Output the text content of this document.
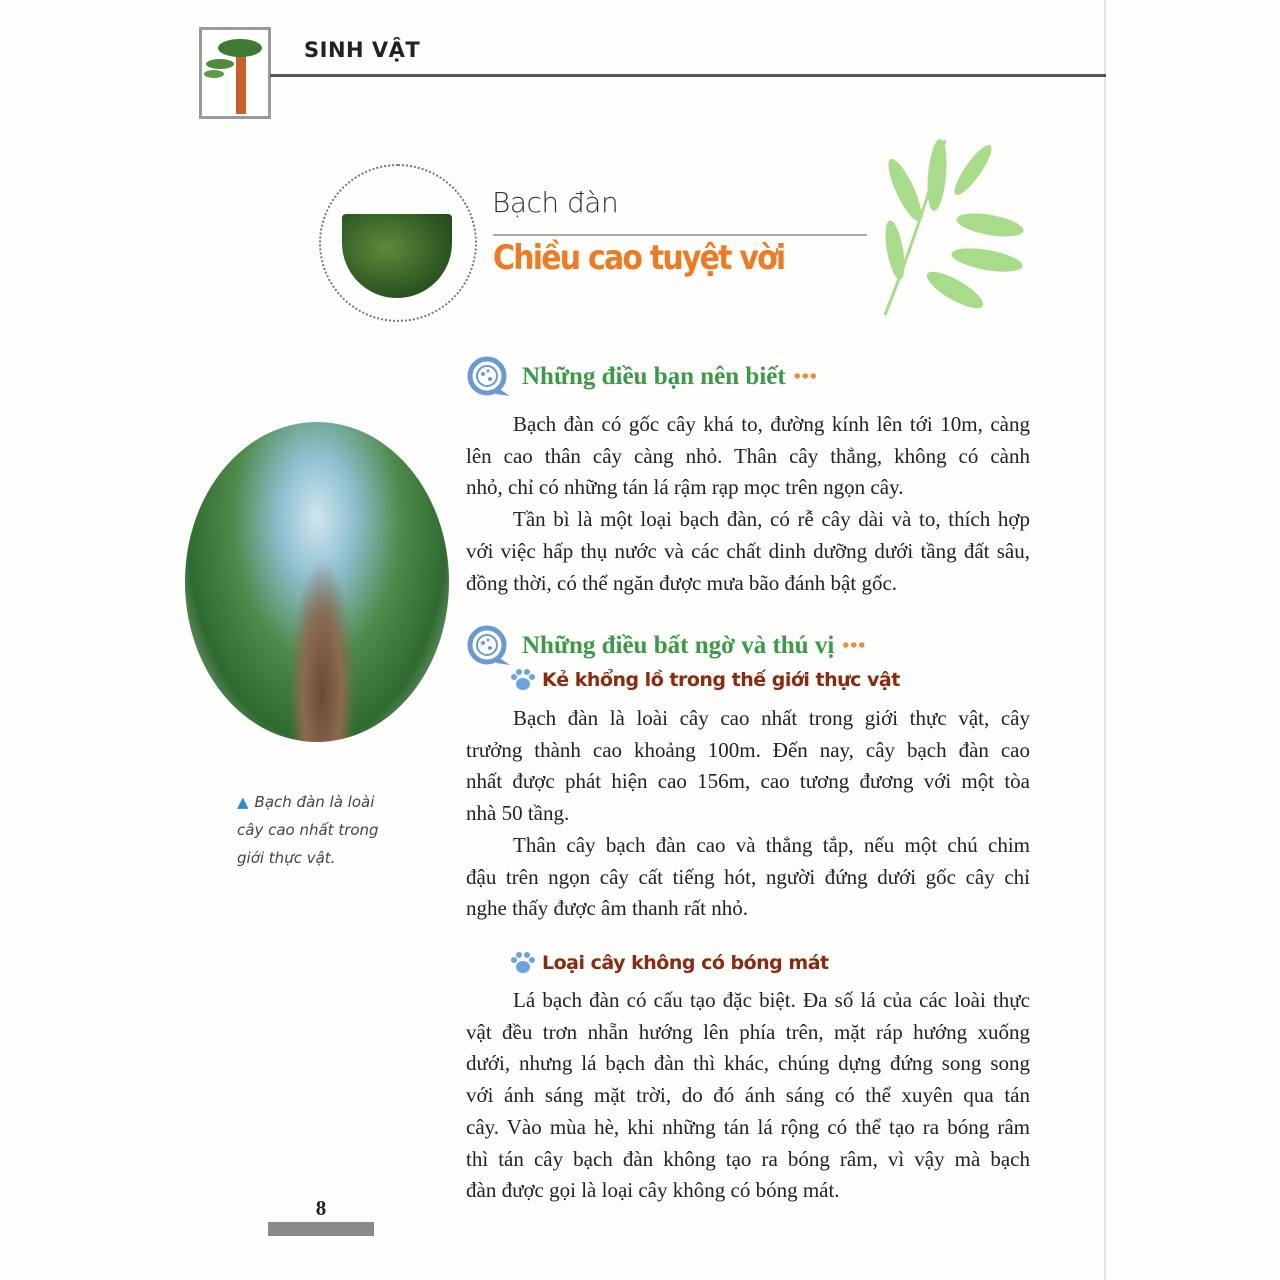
SINH VẬT
Bạch đàn
Chiều cao tuyệt vời
▲ Bạch đàn là loài
cây cao nhất trong
giới thực vật.
Những điều bạn nên biết •••
Bạch đàn có gốc cây khá to, đường kính lên tới 10m, càng
lên cao thân cây càng nhỏ. Thân cây thẳng, không có cành
nhỏ, chỉ có những tán lá rậm rạp mọc trên ngọn cây.
Tần bì là một loại bạch đàn, có rễ cây dài và to, thích hợp
với việc hấp thụ nước và các chất dinh dưỡng dưới tầng đất sâu,
đồng thời, có thể ngăn được mưa bão đánh bật gốc.
Những điều bất ngờ và thú vị •••
Kẻ khổng lồ trong thế giới thực vật
Bạch đàn là loài cây cao nhất trong giới thực vật, cây
trưởng thành cao khoảng 100m. Đến nay, cây bạch đàn cao
nhất được phát hiện cao 156m, cao tương đương với một tòa
nhà 50 tầng.
Thân cây bạch đàn cao và thẳng tắp, nếu một chú chim
đậu trên ngọn cây cất tiếng hót, người đứng dưới gốc cây chỉ
nghe thấy được âm thanh rất nhỏ.
Loại cây không có bóng mát
Lá bạch đàn có cấu tạo đặc biệt. Đa số lá của các loài thực
vật đều trơn nhẵn hướng lên phía trên, mặt ráp hướng xuống
dưới, nhưng lá bạch đàn thì khác, chúng dựng đứng song song
với ánh sáng mặt trời, do đó ánh sáng có thể xuyên qua tán
cây. Vào mùa hè, khi những tán lá rộng có thể tạo ra bóng râm
thì tán cây bạch đàn không tạo ra bóng râm, vì vậy mà bạch
đàn được gọi là loại cây không có bóng mát.
8
